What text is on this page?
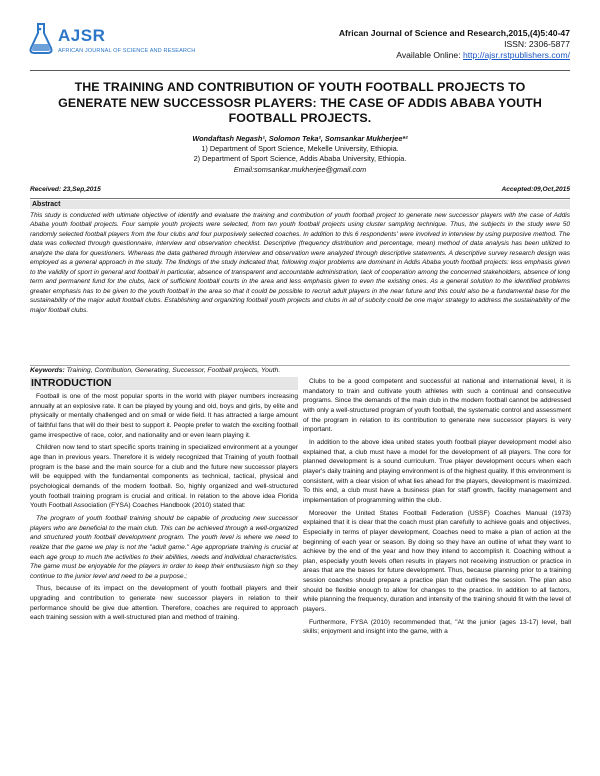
AJSR
AFRICAN JOURNAL OF SCIENCE AND RESEARCH
African Journal of Science and Research,2015,(4)5:40-47
ISSN: 2306-5877
Available Online: http://ajsr.rstpublishers.com/
THE TRAINING AND CONTRIBUTION OF YOUTH FOOTBALL PROJECTS TO GENERATE NEW SUCCESSOSR PLAYERS: THE CASE OF ADDIS ABABA YOUTH FOOTBALL PROJECTS.
Wondaftash Negash¹, Solomon Teka², Somsankar Mukherjee*²
1) Department of Sport Science, Mekelle University, Ethiopia.
2) Department of Sport Science, Addis Ababa University, Ethiopia.
Email:somsankar.mukherjee@gmail.com
Received: 23,Sep,2015	Accepted:09,Oct,2015
Abstract
This study is conducted with ultimate objective of identify and evaluate the training and contribution of youth football project to generate new successor players with the case of Addis Ababa youth football projects. Four sample youth projects were selected, from ten youth football projects using cluster sampling technique. Thus, the subjects in the study were 50 randomly selected football players from the four clubs and four purposively selected coaches. In addition to this 6 respondents' were involved in interview by using purposive method. The data was collected through questionnaire, interview and observation checklist. Descriptive (frequency distribution and percentage, mean) method of data analysis has been utilized to analyze the data for questioners. Whereas the data gathered through interview and observation were analyzed through descriptive statements. A descriptive survey research design was employed as a general approach in the study. The findings of the study indicated that, following major problems are dominant in Addis Ababa youth football projects: less emphasis given to the validity of sport in general and football in particular, absence of transparent and accountable administration, lack of cooperation among the concerned stakeholders, absence of long term and permanent fund for the clubs, lack of sufficient football courts in the area and less emphasis given to even the existing ones. As a general solution to the identified problems greater emphasis has to be given to the youth football in the area so that it could be possible to recruit adult players in the near future and this could also be a fundamental base for the sustainability of the major adult football clubs. Establishing and organizing football youth projects and clubs in all of subcity could be one major strategy to address the sustainability of the major football clubs.
Keywords: Training, Contribution, Generating, Successor, Football projects, Youth.
INTRODUCTION

Football is one of the most popular sports in the world with player numbers increasing annually at an explosive rate. It can be played by young and old, boys and girls, by elite and physically or mentally challenged and on small or wide field. It has attracted a large amount of faithful fans that will do their best to support it. People prefer to watch the exciting football game irrespective of race, color, and nationality and or even learn playing it.

Children now tend to start specific sports training in specialized environment at a younger age than in previous years. Therefore it is widely recognized that Training of youth football program is the base and the main source for a club and the future new successor players will be equipped with the fundamental components as technical, tactical, physical and psychological demands of the modern football. So, highly organized and well-structured youth football training program is crucial and critical. In relation to the above idea Florida Youth Football Association (FYSA) Coaches Handbook (2010) stated that:

The program of youth football training should be capable of producing new successor players who are beneficial to the main club. This can be achieved through a well-organized and structured youth football development program. The youth level is where we need to realize that the game we play is not the "adult game." Age appropriate training is crucial at each age group to much the activities to their abilities, needs and individual characteristics. The game must be enjoyable for the players in order to keep their enthusiasm high so they continue to the junior level and need to be a purpose.;

Thus, because of its impact on the development of youth football players and their upgrading and contribution to generate new successor players in relation to their performance should be give due attention. Therefore, coaches are required to approach each training session with a well-structured plan and method of training.

Clubs to be a good competent and successful at national and international level, it is mandatory to train and cultivate youth athletes with such a continual and consecutive programs. Since the demands of the main club in the modern football cannot be addressed with only a well-structured program of youth football, the systematic control and assessment of the program in relation to its contribution to generate new successor players is very important.

In addition to the above idea united states youth football player development model also explained that, a club must have a model for the development of all players. The core for planned development is a sound curriculum. True player development occurs when each player's daily training and playing environment is of the highest quality. If this environment is consistent, with a clear vision of what lies ahead for the players, development is maximized. To this end, a club must have a business plan for staff growth, facility management and implementation of programming within the club.

Moreover the United States Football Federation (USSF) Coaches Manual (1973) explained that it is clear that the coach must plan carefully to achieve goals and objectives, Especially in terms of player development, Coaches need to make a plan of action at the beginning of each year or season. By doing so they have an outline of what they want to achieve by the end of the year and how they intend to accomplish it. Coaching without a plan, especially youth levels often results in players not receiving instruction or practice in areas that are the bases for future development. Thus, because planning prior to a training session coaches should prepare a practice plan that outlines the session. The plan also should be flexible enough to allow for changes to the practice. In addition to all factors, while planning the frequency, duration and intensity of the training should fit with the level of players.

Furthermore, FYSA (2010) recommended that, "At the junior (ages 13-17) level, ball skills; enjoyment and insight into the game, with a
